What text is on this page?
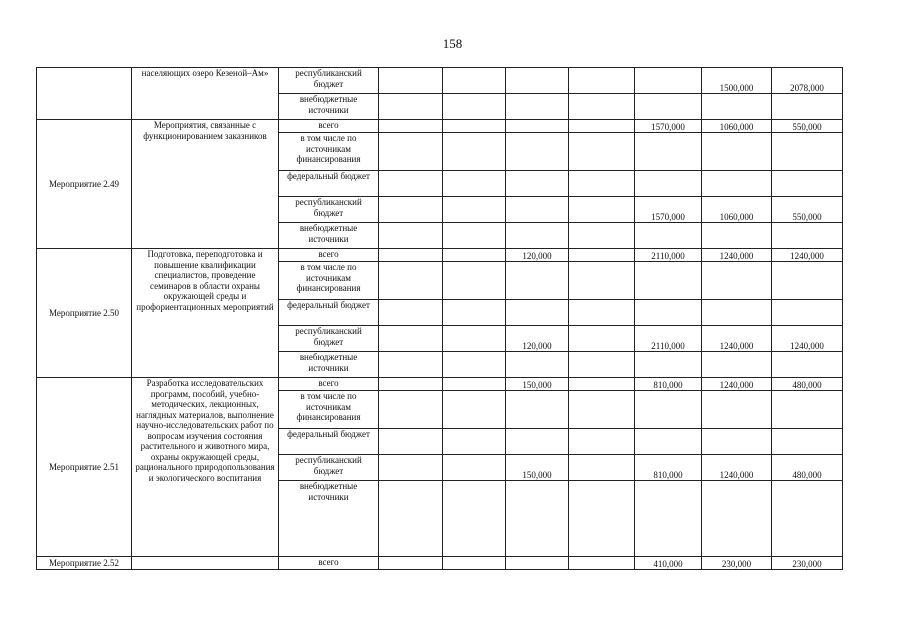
158
	населяющих озеро Кезеной–Ам»	республиканский бюджет						1500,000	2078,000
		внебюджетные источники							
Мероприятие 2.49	Мероприятия, связанные с функционированием заказников	всего					1570,000	1060,000	550,000
		в том числе по источникам финансирования							
		федеральный бюджет							
		республиканский бюджет					1570,000	1060,000	550,000
		внебюджетные источники							
Мероприятие 2.50	Подготовка, переподготовка и повышение квалификации специалистов, проведение семинаров в области охраны окружающей среды и профориентационных мероприятий	всего			120,000		2110,000	1240,000	1240,000
		в том числе по источникам финансирования							
		федеральный бюджет							
		республиканский бюджет			120,000		2110,000	1240,000	1240,000
		внебюджетные источники							
Мероприятие 2.51	Разработка исследовательских программ, пособий, учебно-методических, лекционных, наглядных материалов, выполнение научно-исследовательских работ по вопросам изучения состояния растительного и животного мира, охраны окружающей среды, рационального природопользования и экологического воспитания	всего			150,000		810,000	1240,000	480,000
		в том числе по источникам финансирования							
		федеральный бюджет							
		республиканский бюджет			150,000		810,000	1240,000	480,000
		внебюджетные источники							
Мероприятие 2.52		всего					410,000	230,000	230,000
